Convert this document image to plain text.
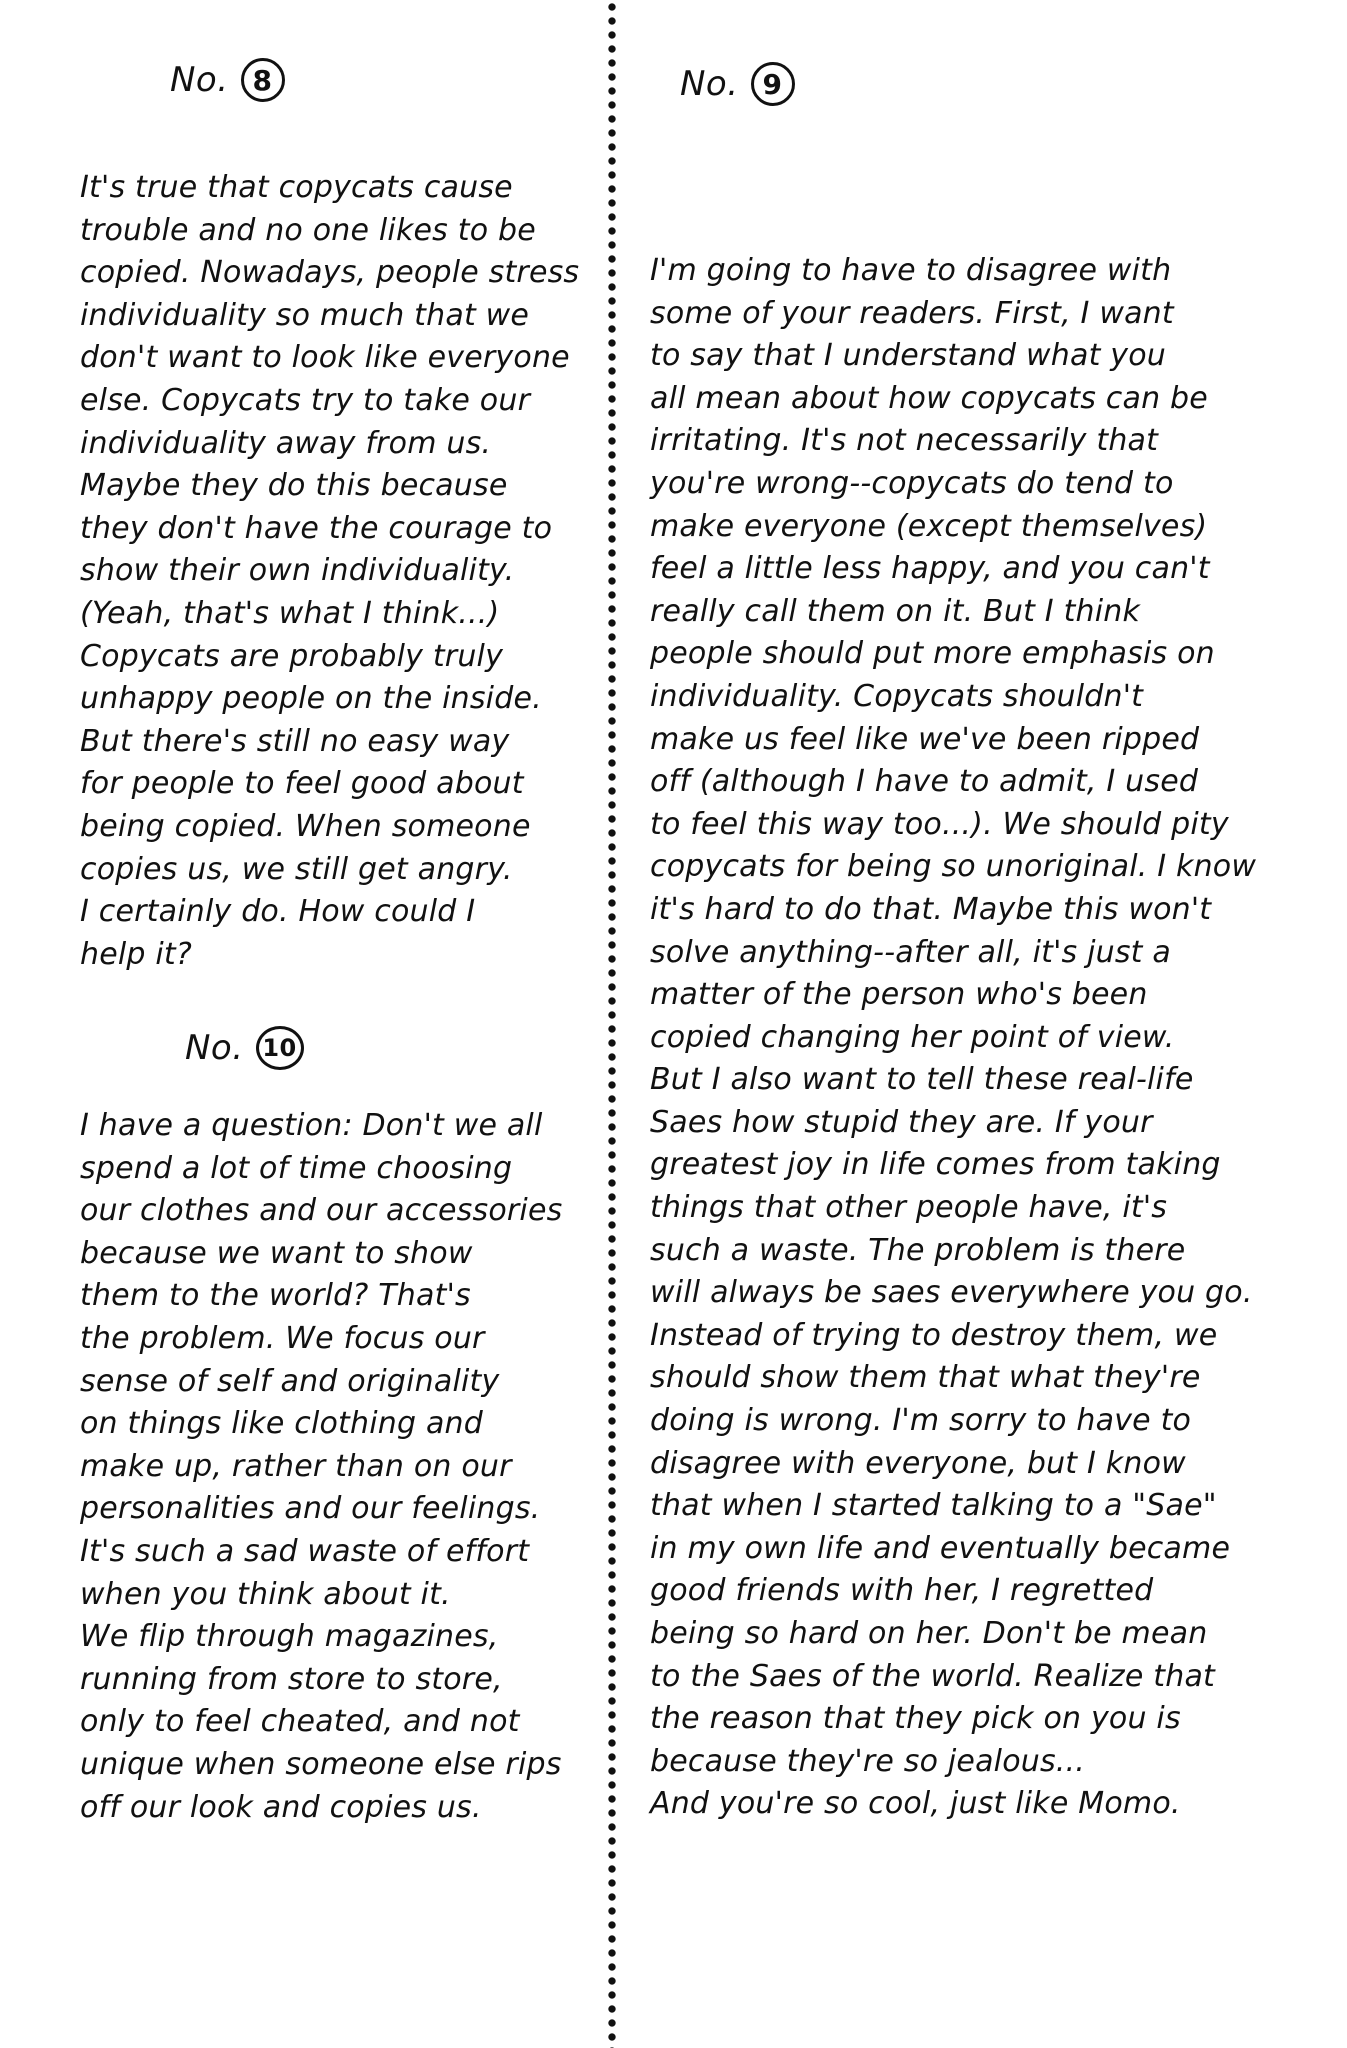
No. 8

It's true that copycats cause
trouble and no one likes to be
copied. Nowadays, people stress
individuality so much that we
don't want to look like everyone
else. Copycats try to take our
individuality away from us.
Maybe they do this because
they don't have the courage to
show their own individuality.
(Yeah, that's what I think...)
Copycats are probably truly
unhappy people on the inside.
But there's still no easy way
for people to feel good about
being copied. When someone
copies us, we still get angry.
I certainly do. How could I
help it?

No. 10

I have a question: Don't we all
spend a lot of time choosing
our clothes and our accessories
because we want to show
them to the world? That's
the problem. We focus our
sense of self and originality
on things like clothing and
make up, rather than on our
personalities and our feelings.
It's such a sad waste of effort
when you think about it.
We flip through magazines,
running from store to store,
only to feel cheated, and not
unique when someone else rips
off our look and copies us.

No. 9

I'm going to have to disagree with
some of your readers. First, I want
to say that I understand what you
all mean about how copycats can be
irritating. It's not necessarily that
you're wrong--copycats do tend to
make everyone (except themselves)
feel a little less happy, and you can't
really call them on it. But I think
people should put more emphasis on
individuality. Copycats shouldn't
make us feel like we've been ripped
off (although I have to admit, I used
to feel this way too...). We should pity
copycats for being so unoriginal. I know
it's hard to do that. Maybe this won't
solve anything--after all, it's just a
matter of the person who's been
copied changing her point of view.
But I also want to tell these real-life
Saes how stupid they are. If your
greatest joy in life comes from taking
things that other people have, it's
such a waste. The problem is there
will always be saes everywhere you go.
Instead of trying to destroy them, we
should show them that what they're
doing is wrong. I'm sorry to have to
disagree with everyone, but I know
that when I started talking to a "Sae"
in my own life and eventually became
good friends with her, I regretted
being so hard on her. Don't be mean
to the Saes of the world. Realize that
the reason that they pick on you is
because they're so jealous...
And you're so cool, just like Momo.
